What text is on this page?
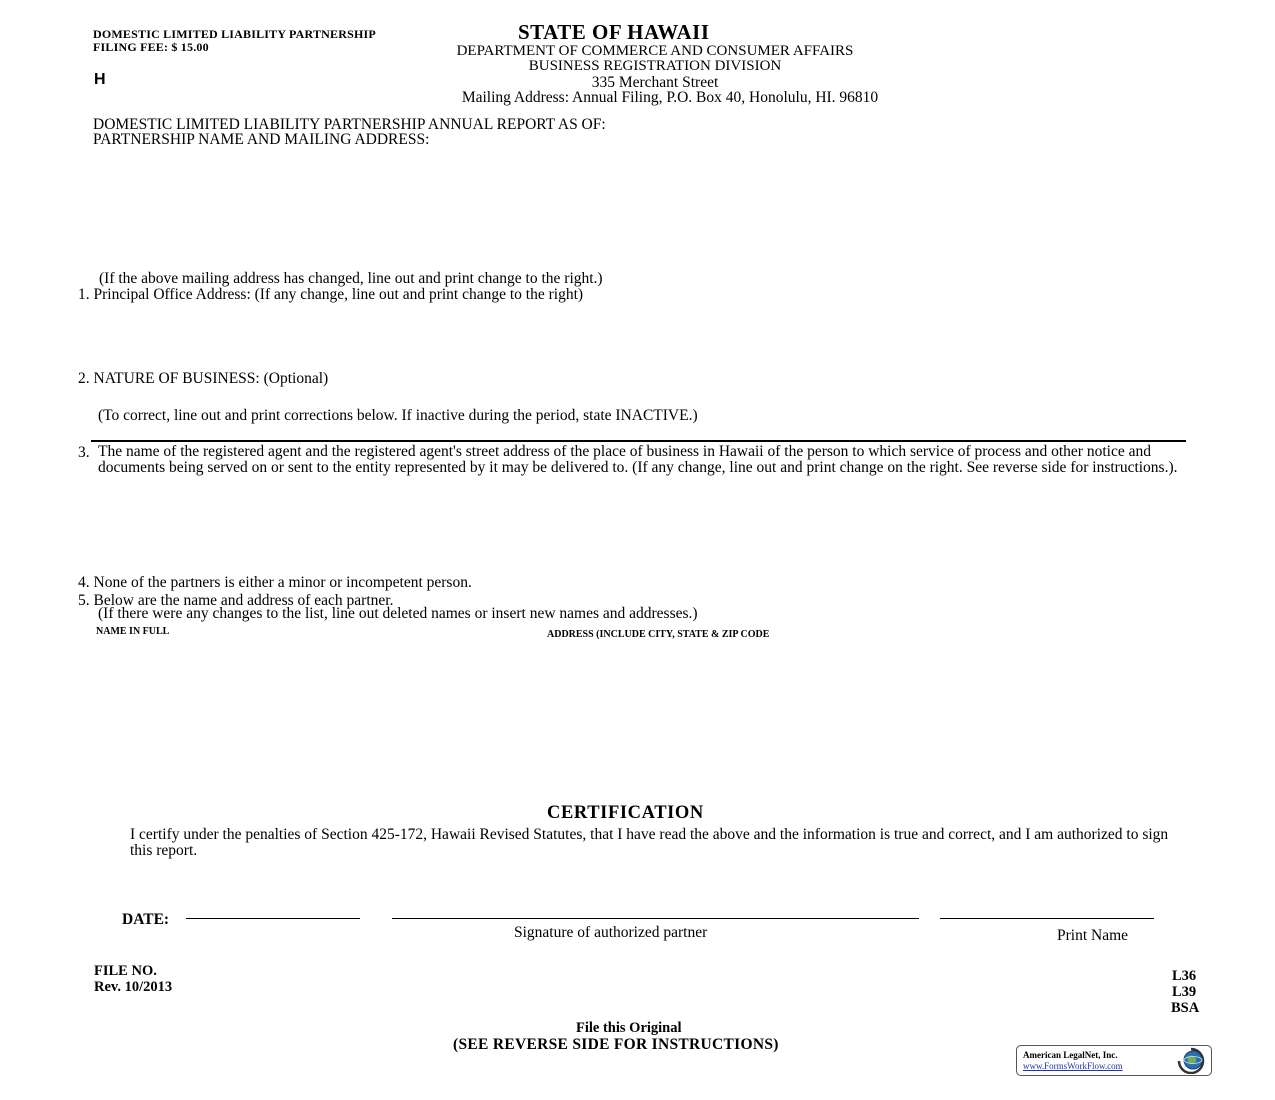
DOMESTIC LIMITED LIABILITY PARTNERSHIP
FILING FEE: $ 15.00
H
STATE OF HAWAII
DEPARTMENT OF COMMERCE AND CONSUMER AFFAIRS
BUSINESS REGISTRATION DIVISION
335 Merchant Street
Mailing Address: Annual Filing, P.O. Box 40, Honolulu, HI. 96810
DOMESTIC LIMITED LIABILITY PARTNERSHIP ANNUAL REPORT AS OF:
PARTNERSHIP NAME AND MAILING ADDRESS:
(If the above mailing address has changed, line out and print change to the right.)
1. Principal Office Address: (If any change, line out and print change to the right)
2. NATURE OF BUSINESS: (Optional)
(To correct, line out and print corrections below. If inactive during the period, state INACTIVE.)
3. The name of the registered agent and the registered agent's street address of the place of business in Hawaii of the person to which service of process and other notice and documents being served on or sent to the entity represented by it may be delivered to. (If any change, line out and print change on the right. See reverse side for instructions.).
4. None of the partners is either a minor or incompetent person.
5. Below are the name and address of each partner.
(If there were any changes to the list, line out deleted names or insert new names and addresses.)
NAME IN FULL	ADDRESS (INCLUDE CITY, STATE & ZIP CODE
CERTIFICATION
I certify under the penalties of Section 425-172, Hawaii Revised Statutes, that I have read the above and the information is true and correct, and I am authorized to sign this report.
DATE:
Signature of authorized partner	Print Name
FILE NO.
Rev. 10/2013
L36
L39
BSA
File this Original
(SEE REVERSE SIDE FOR INSTRUCTIONS)
American LegalNet, Inc.
www.FormsWorkFlow.com
